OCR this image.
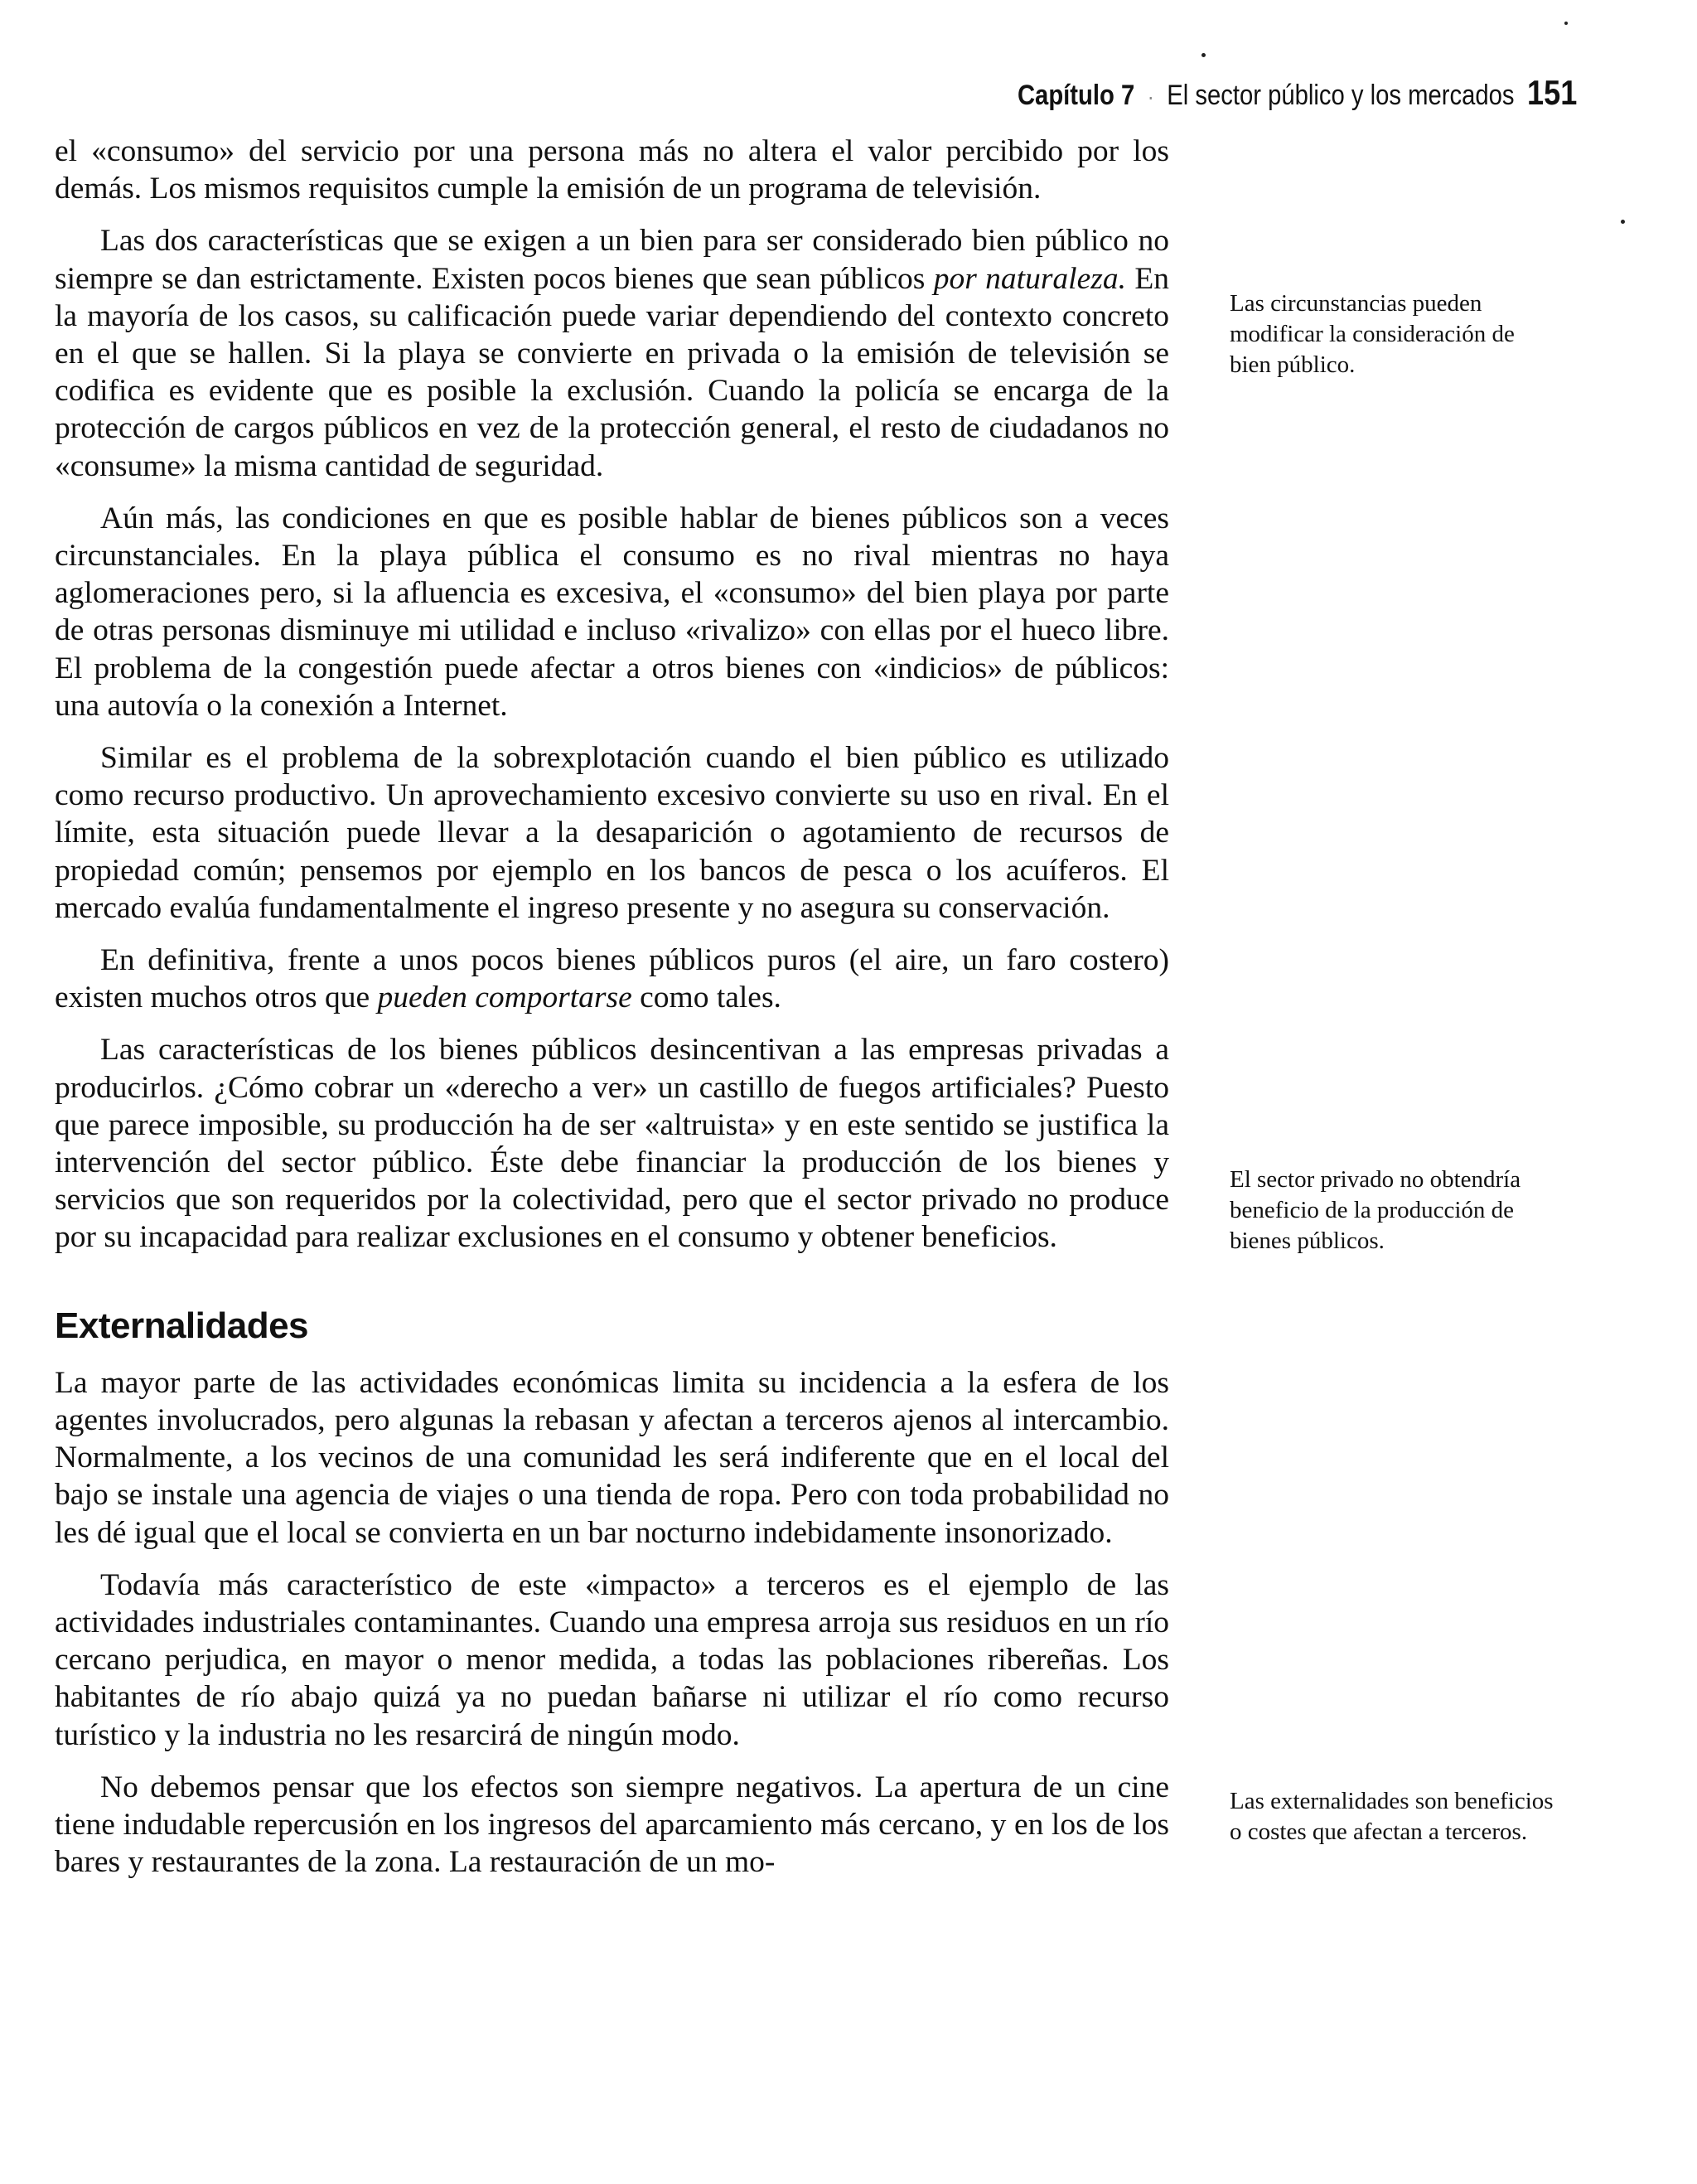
Capítulo 7 · El sector público y los mercados 151

el «consumo» del servicio por una persona más no altera el valor percibido por los demás. Los mismos requisitos cumple la emisión de un programa de televisión.

Las dos características que se exigen a un bien para ser considerado bien público no siempre se dan estrictamente. Existen pocos bienes que sean públicos por naturaleza. En la mayoría de los casos, su calificación puede variar dependiendo del contexto concreto en el que se hallen. Si la playa se convierte en privada o la emisión de televisión se codifica es evidente que es posible la exclusión. Cuando la policía se encarga de la protección de cargos públicos en vez de la protección general, el resto de ciudadanos no «consume» la misma cantidad de seguridad.

Aún más, las condiciones en que es posible hablar de bienes públicos son a veces circunstanciales. En la playa pública el consumo es no rival mientras no haya aglomeraciones pero, si la afluencia es excesiva, el «consumo» del bien playa por parte de otras personas disminuye mi utilidad e incluso «rivalizo» con ellas por el hueco libre. El problema de la congestión puede afectar a otros bienes con «indicios» de públicos: una autovía o la conexión a Internet.

Similar es el problema de la sobrexplotación cuando el bien público es utilizado como recurso productivo. Un aprovechamiento excesivo convierte su uso en rival. En el límite, esta situación puede llevar a la desaparición o agotamiento de recursos de propiedad común; pensemos por ejemplo en los bancos de pesca o los acuíferos. El mercado evalúa fundamentalmente el ingreso presente y no asegura su conservación.

En definitiva, frente a unos pocos bienes públicos puros (el aire, un faro costero) existen muchos otros que pueden comportarse como tales.

Las características de los bienes públicos desincentivan a las empresas privadas a producirlos. ¿Cómo cobrar un «derecho a ver» un castillo de fuegos artificiales? Puesto que parece imposible, su producción ha de ser «altruista» y en este sentido se justifica la intervención del sector público. Éste debe financiar la producción de los bienes y servicios que son requeridos por la colectividad, pero que el sector privado no produce por su incapacidad para realizar exclusiones en el consumo y obtener beneficios.

Externalidades

La mayor parte de las actividades económicas limita su incidencia a la esfera de los agentes involucrados, pero algunas la rebasan y afectan a terceros ajenos al intercambio. Normalmente, a los vecinos de una comunidad les será indiferente que en el local del bajo se instale una agencia de viajes o una tienda de ropa. Pero con toda probabilidad no les dé igual que el local se convierta en un bar nocturno indebidamente insonorizado.

Todavía más característico de este «impacto» a terceros es el ejemplo de las actividades industriales contaminantes. Cuando una empresa arroja sus residuos en un río cercano perjudica, en mayor o menor medida, a todas las poblaciones ribereñas. Los habitantes de río abajo quizá ya no puedan bañarse ni utilizar el río como recurso turístico y la industria no les resarcirá de ningún modo.

No debemos pensar que los efectos son siempre negativos. La apertura de un cine tiene indudable repercusión en los ingresos del aparcamiento más cercano, y en los de los bares y restaurantes de la zona. La restauración de un mo-

Las circunstancias pueden modificar la consideración de bien público.
El sector privado no obtendría beneficio de la producción de bienes públicos.
Las externalidades son beneficios o costes que afectan a terceros.
